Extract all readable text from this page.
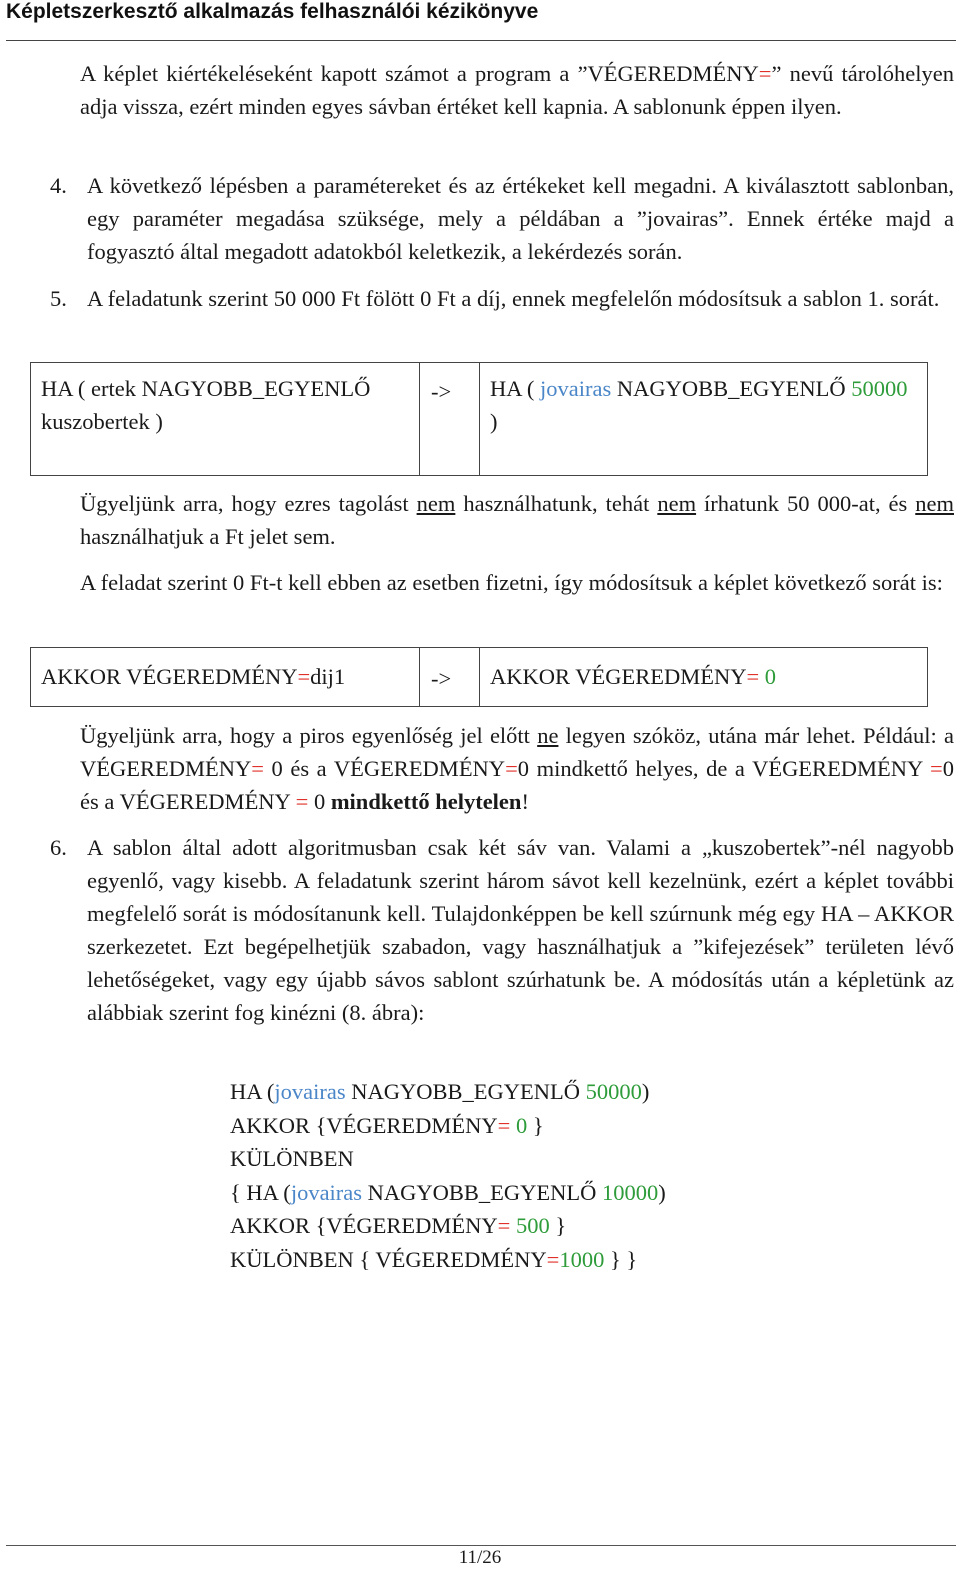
Képletszerkesztő alkalmazás felhasználói kézikönyve
A képlet kiértékeléseként kapott számot a program a ”VÉGEREDMÉNY=” nevű tárolóhelyen adja vissza, ezért minden egyes sávban értéket kell kapnia. A sablonunk éppen ilyen.
4. A következő lépésben a paramétereket és az értékeket kell megadni. A kiválasztott sablonban, egy paraméter megadása szüksége, mely a példában a ”jovairas”. Ennek értéke majd a fogyasztó által megadott adatokból keletkezik, a lekérdezés során.
5. A feladatunk szerint 50 000 Ft fölött 0 Ft a díj, ennek megfelelőn módosítsuk a sablon 1. sorát.
HA ( ertek NAGYOBB_EGYENLŐ kuszobertek )
-> HA ( jovairas NAGYOBB_EGYENLŐ 50000 )
Ügyeljünk arra, hogy ezres tagolást nem használhatunk, tehát nem írhatunk 50 000-at, és nem használhatjuk a Ft jelet sem.
A feladat szerint 0 Ft-t kell ebben az esetben fizetni, így módosítsuk a képlet következő sorát is:
AKKOR VÉGEREDMÉNY=dij1	-> AKKOR VÉGEREDMÉNY= 0
Ügyeljünk arra, hogy a piros egyenlőség jel előtt ne legyen szóköz, utána már lehet. Például: a VÉGEREDMÉNY= 0 és a VÉGEREDMÉNY=0 mindkettő helyes, de a VÉGEREDMÉNY =0 és a VÉGEREDMÉNY = 0 mindkettő helytelen!
6. A sablon által adott algoritmusban csak két sáv van. Valami a „kuszobertek”-nél nagyobb egyenlő, vagy kisebb. A feladatunk szerint három sávot kell kezelnünk, ezért a képlet további megfelelő sorát is módosítanunk kell. Tulajdonképpen be kell szúrnunk még egy HA – AKKOR szerkezetet. Ezt begépelhetjük szabadon, vagy használhatjuk a ”kifejezések” területen lévő lehetőségeket, vagy egy újabb sávos sablont szúrhatunk be. A módosítás után a képletünk az alábbiak szerint fog kinézni (8. ábra):
HA (jovairas NAGYOBB_EGYENLŐ 50000)
AKKOR {VÉGEREDMÉNY= 0 }
KÜLÖNBEN
{ HA (jovairas NAGYOBB_EGYENLŐ 10000)
AKKOR {VÉGEREDMÉNY= 500 }
KÜLÖNBEN { VÉGEREDMÉNY=1000 } }
11/26
